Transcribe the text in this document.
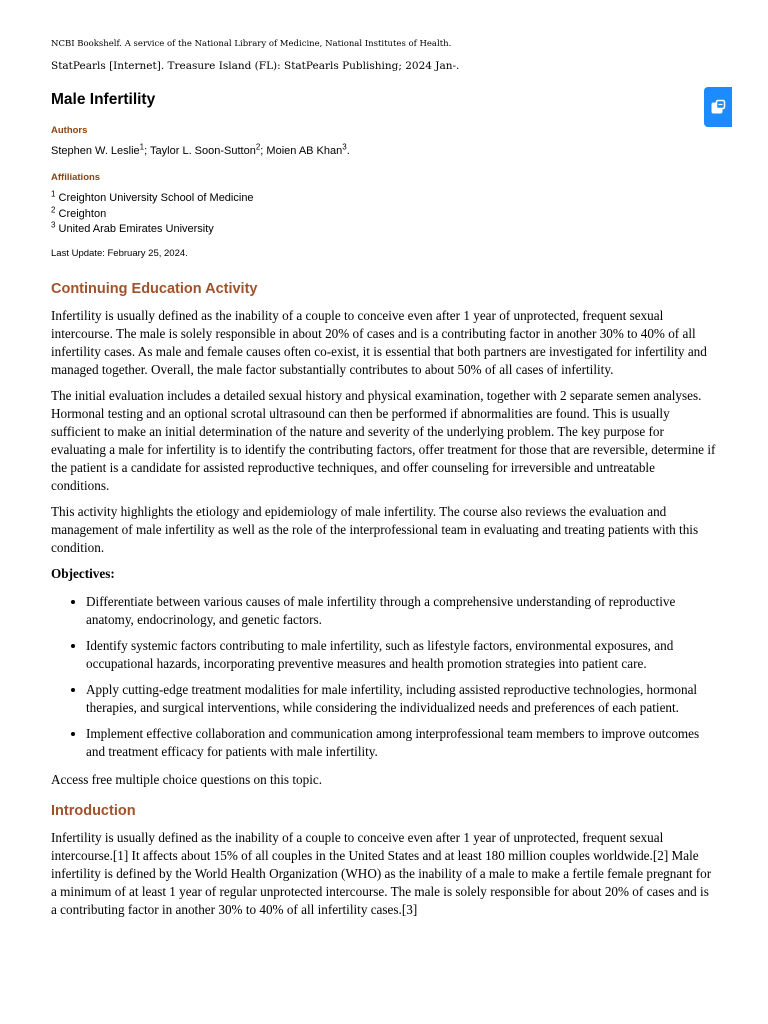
NCBI Bookshelf. A service of the National Library of Medicine, National Institutes of Health.
StatPearls [Internet]. Treasure Island (FL): StatPearls Publishing; 2024 Jan-.
Male Infertility
Authors
Stephen W. Leslie$^1$; Taylor L. Soon-Sutton$^2$; Moien AB Khan$^3$.
Affiliations
$^1$ Creighton University School of Medicine
$^2$ Creighton
$^3$ United Arab Emirates University
Last Update: February 25, 2024.
Continuing Education Activity

Infertility is usually defined as the inability of a couple to conceive even after 1 year of unprotected, frequent sexual intercourse. The male is solely responsible in about 20% of cases and is a contributing factor in another 30% to 40% of all infertility cases. As male and female causes often co-exist, it is essential that both partners are investigated for infertility and managed together. Overall, the male factor substantially contributes to about 50% of all cases of infertility.

The initial evaluation includes a detailed sexual history and physical examination, together with 2 separate semen analyses. Hormonal testing and an optional scrotal ultrasound can then be performed if abnormalities are found. This is usually sufficient to make an initial determination of the nature and severity of the underlying problem. The key purpose for evaluating a male for infertility is to identify the contributing factors, offer treatment for those that are reversible, determine if the patient is a candidate for assisted reproductive techniques, and offer counseling for irreversible and untreatable conditions.

This activity highlights the etiology and epidemiology of male infertility. The course also reviews the evaluation and management of male infertility as well as the role of the interprofessional team in evaluating and treating patients with this condition.

Objectives:
• Differentiate between various causes of male infertility through a comprehensive understanding of reproductive anatomy, endocrinology, and genetic factors.
• Identify systemic factors contributing to male infertility, such as lifestyle factors, environmental exposures, and occupational hazards, incorporating preventive measures and health promotion strategies into patient care.
• Apply cutting-edge treatment modalities for male infertility, including assisted reproductive technologies, hormonal therapies, and surgical interventions, while considering the individualized needs and preferences of each patient.
• Implement effective collaboration and communication among interprofessional team members to improve outcomes and treatment efficacy for patients with male infertility.

Access free multiple choice questions on this topic.

Introduction

Infertility is usually defined as the inability of a couple to conceive even after 1 year of unprotected, frequent sexual intercourse.[1] It affects about 15% of all couples in the United States and at least 180 million couples worldwide.[2] Male infertility is defined by the World Health Organization (WHO) as the inability of a male to make a fertile female pregnant for a minimum of at least 1 year of regular unprotected intercourse. The male is solely responsible for about 20% of cases and is a contributing factor in another 30% to 40% of all infertility cases.[3]
